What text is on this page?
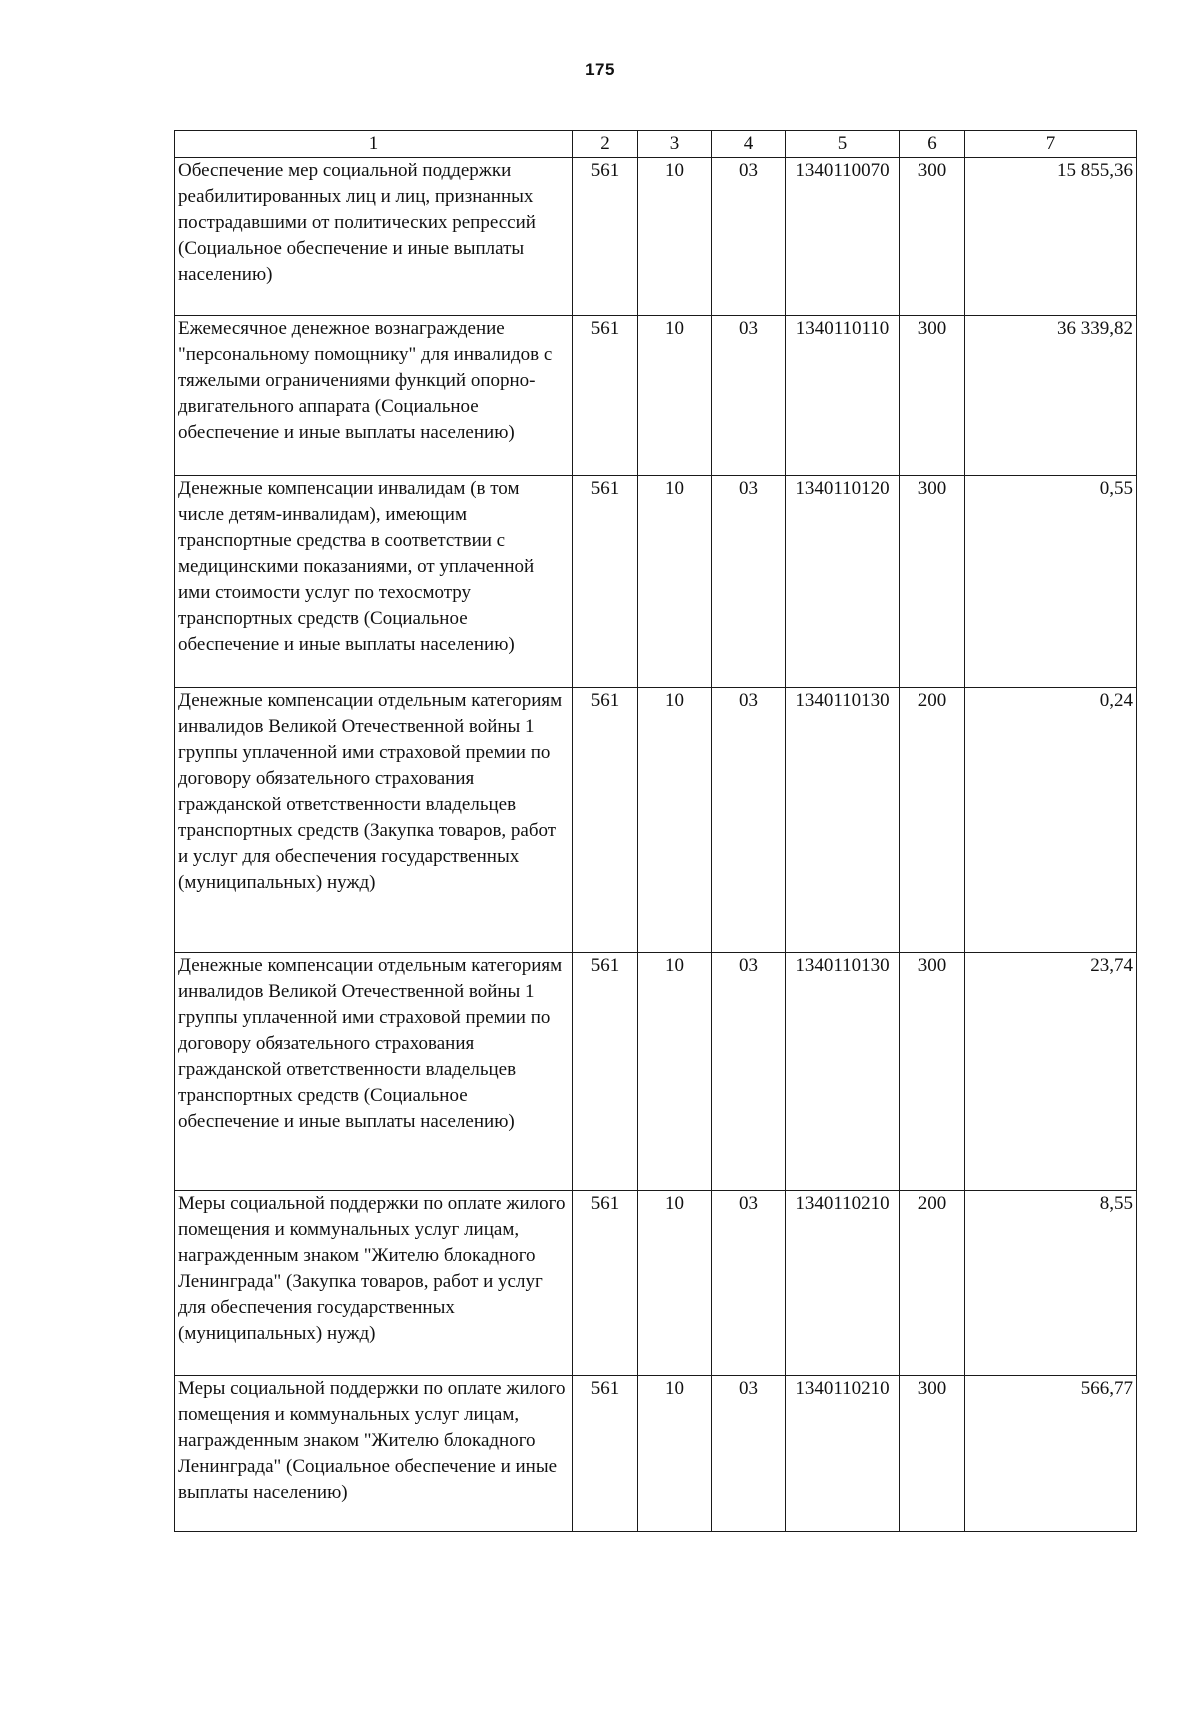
175
1	2	3	4	5	6	7
Обеспечение мер социальной поддержки реабилитированных лиц и лиц, признанных пострадавшими от политических репрессий (Социальное обеспечение и иные выплаты населению)	561	10	03	1340110070	300	15 855,36
Ежемесячное денежное вознаграждение "персональному помощнику" для инвалидов с тяжелыми ограничениями функций опорно-двигательного аппарата (Социальное обеспечение и иные выплаты населению)	561	10	03	1340110110	300	36 339,82
Денежные компенсации инвалидам (в том числе детям-инвалидам), имеющим транспортные средства в соответствии с медицинскими показаниями, от уплаченной ими стоимости услуг по техосмотру транспортных средств (Социальное обеспечение и иные выплаты населению)	561	10	03	1340110120	300	0,55
Денежные компенсации отдельным категориям инвалидов Великой Отечественной войны 1 группы уплаченной ими страховой премии по договору обязательного страхования гражданской ответственности владельцев транспортных средств (Закупка товаров, работ и услуг для обеспечения государственных (муниципальных) нужд)	561	10	03	1340110130	200	0,24
Денежные компенсации отдельным категориям инвалидов Великой Отечественной войны 1 группы уплаченной ими страховой премии по договору обязательного страхования гражданской ответственности владельцев транспортных средств (Социальное обеспечение и иные выплаты населению)	561	10	03	1340110130	300	23,74
Меры социальной поддержки по оплате жилого помещения и коммунальных услуг лицам, награжденным знаком "Жителю блокадного Ленинграда" (Закупка товаров, работ и услуг для обеспечения государственных (муниципальных) нужд)	561	10	03	1340110210	200	8,55
Меры социальной поддержки по оплате жилого помещения и коммунальных услуг лицам, награжденным знаком "Жителю блокадного Ленинграда" (Социальное обеспечение и иные выплаты населению)	561	10	03	1340110210	300	566,77
